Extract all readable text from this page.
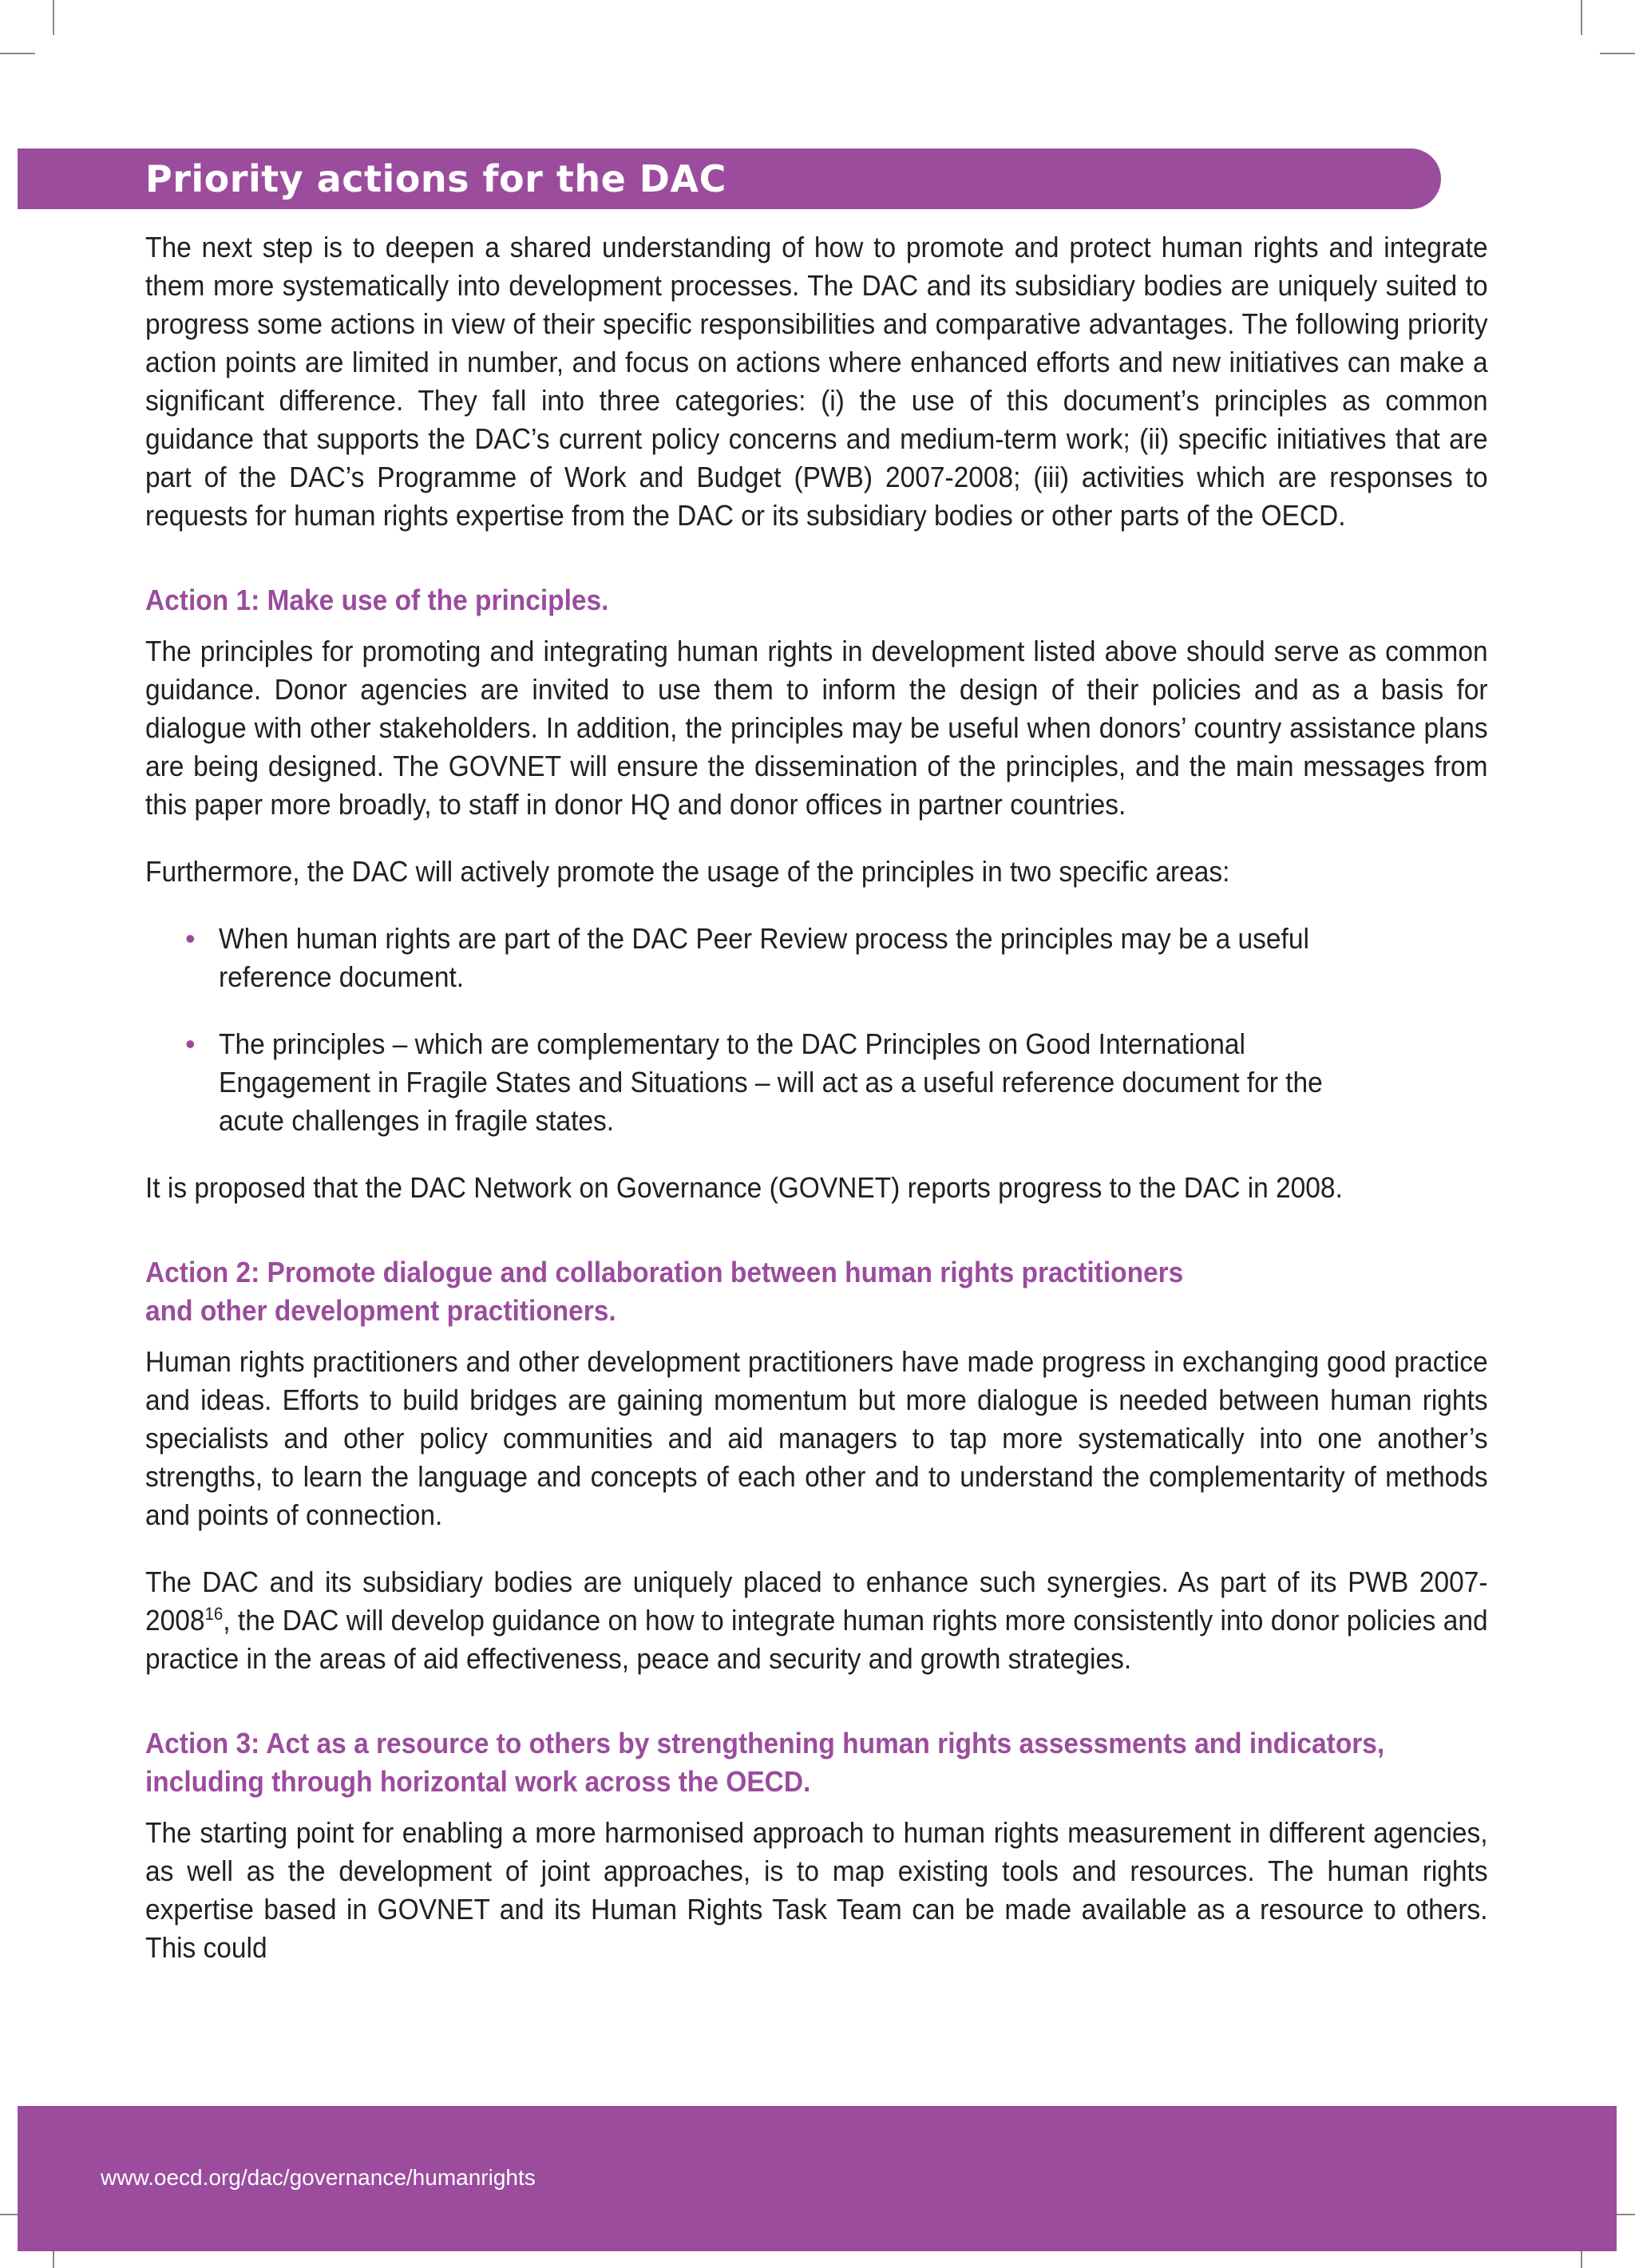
Priority actions for the DAC

The next step is to deepen a shared understanding of how to promote and protect human rights and integrate them more systematically into development processes. The DAC and its subsidiary bodies are uniquely suited to progress some actions in view of their specific responsibilities and comparative advantages. The following priority action points are limited in number, and focus on actions where enhanced efforts and new initiatives can make a significant difference. They fall into three categories: (i) the use of this document’s principles as common guidance that supports the DAC’s current policy concerns and medium-term work; (ii) specific initiatives that are part of the DAC’s Programme of Work and Budget (PWB) 2007-2008; (iii) activities which are responses to requests for human rights expertise from the DAC or its subsidiary bodies or other parts of the OECD.

Action 1: Make use of the principles.

The principles for promoting and integrating human rights in development listed above should serve as common guidance. Donor agencies are invited to use them to inform the design of their policies and as a basis for dialogue with other stakeholders. In addition, the principles may be useful when donors’ country assistance plans are being designed. The GOVNET will ensure the dissemination of the principles, and the main messages from this paper more broadly, to staff in donor HQ and donor offices in partner countries.

Furthermore, the DAC will actively promote the usage of the principles in two specific areas:

• When human rights are part of the DAC Peer Review process the principles may be a useful reference document.

• The principles – which are complementary to the DAC Principles on Good International Engagement in Fragile States and Situations – will act as a useful reference document for the acute challenges in fragile states.

It is proposed that the DAC Network on Governance (GOVNET) reports progress to the DAC in 2008.

Action 2: Promote dialogue and collaboration between human rights practitioners
and other development practitioners.

Human rights practitioners and other development practitioners have made progress in exchanging good practice and ideas. Efforts to build bridges are gaining momentum but more dialogue is needed between human rights specialists and other policy communities and aid managers to tap more systematically into one another’s strengths, to learn the language and concepts of each other and to understand the complementarity of methods and points of connection.

The DAC and its subsidiary bodies are uniquely placed to enhance such synergies. As part of its PWB 2007-2008$^{16}$, the DAC will develop guidance on how to integrate human rights more consistently into donor policies and practice in the areas of aid effectiveness, peace and security and growth strategies.

Action 3: Act as a resource to others by strengthening human rights assessments and indicators,
including through horizontal work across the OECD.

The starting point for enabling a more harmonised approach to human rights measurement in different agencies, as well as the development of joint approaches, is to map existing tools and resources. The human rights expertise based in GOVNET and its Human Rights Task Team can be made available as a resource to others. This could

www.oecd.org/dac/governance/humanrights
